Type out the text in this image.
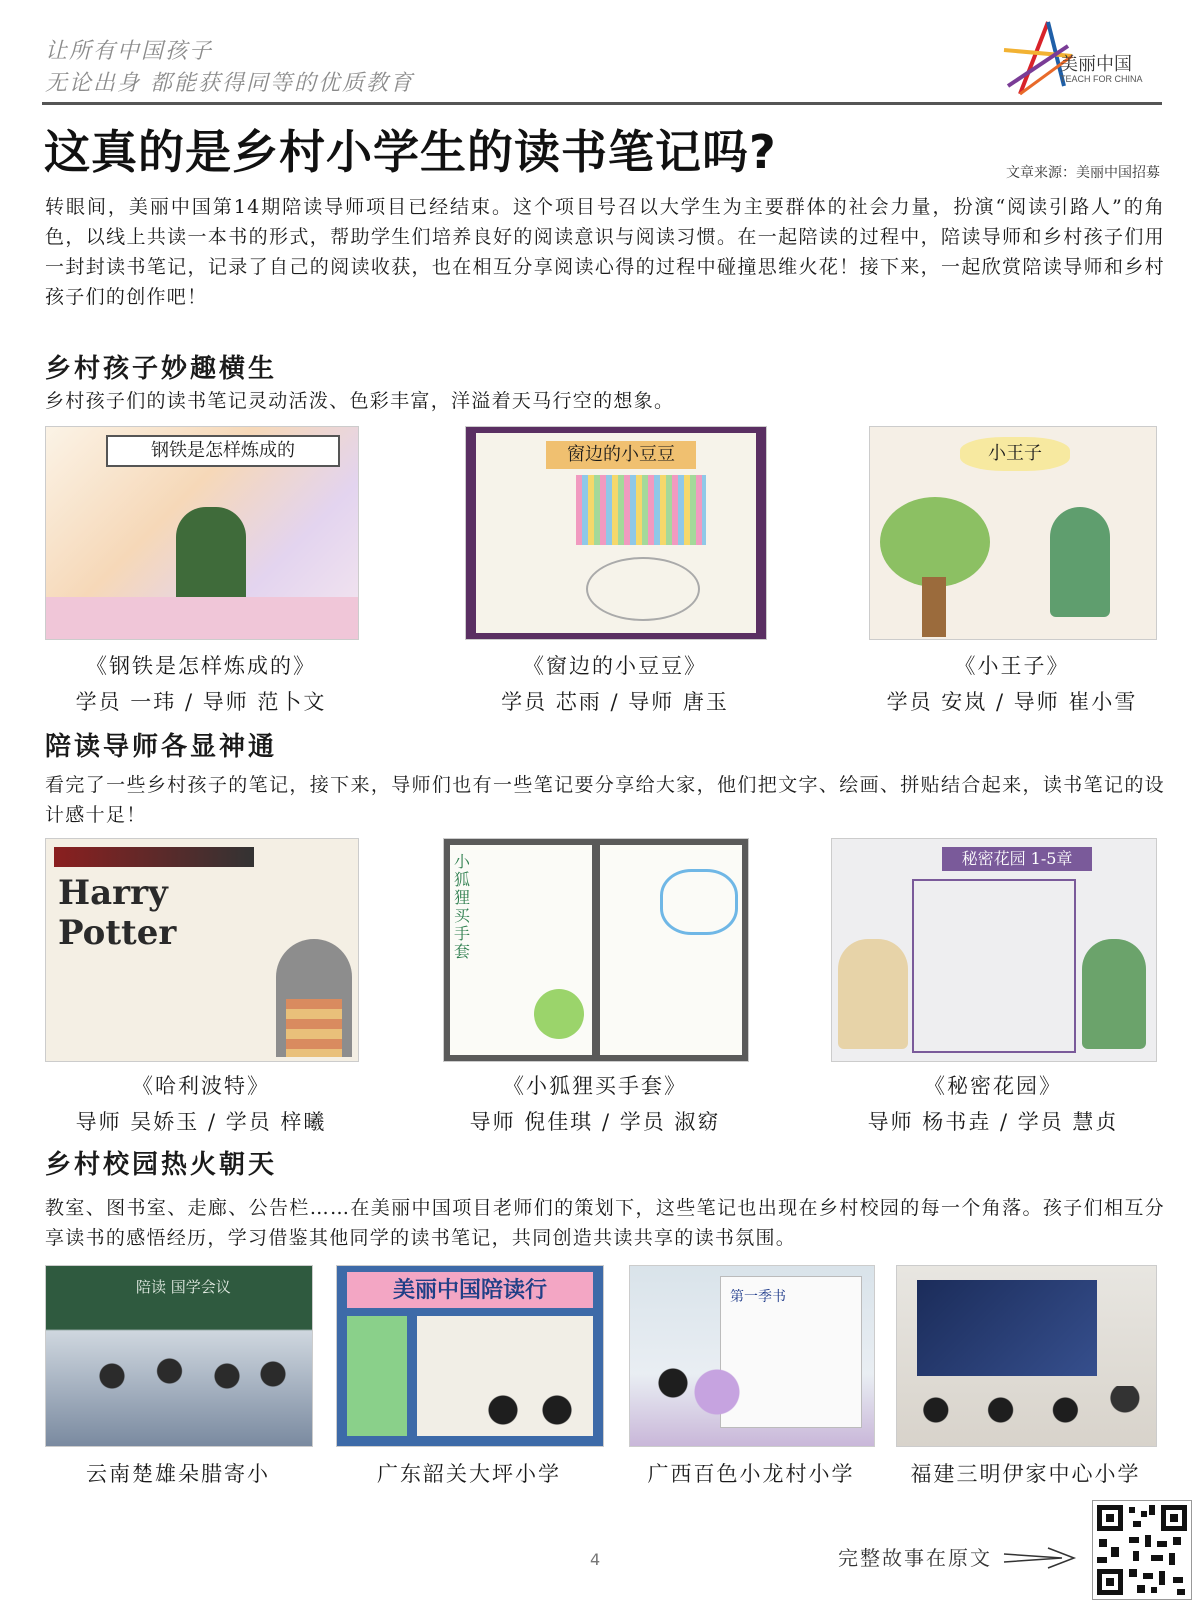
让所有中国孩子
无论出身 都能获得同等的优质教育
美丽中国
TEACH FOR CHINA
这真的是乡村小学生的读书笔记吗?	文章来源：美丽中国招募
转眼间，美丽中国第14期陪读导师项目已经结束。这个项目号召以大学生为主要群体的社会力量，扮演“阅读引路人”的角色，以线上共读一本书的形式，帮助学生们培养良好的阅读意识与阅读习惯。在一起陪读的过程中，陪读导师和乡村孩子们用一封封读书笔记，记录了自己的阅读收获，也在相互分享阅读心得的过程中碰撞思维火花！接下来，一起欣赏陪读导师和乡村孩子们的创作吧！
乡村孩子妙趣横生
乡村孩子们的读书笔记灵动活泼、色彩丰富，洋溢着天马行空的想象。
钢铁是怎样炼成的	窗边的小豆豆	小王子
《钢铁是怎样炼成的》
学员 一玮 / 导师 范卜文
《窗边的小豆豆》
学员 芯雨 / 导师 唐玉
《小王子》
学员 安岚 / 导师 崔小雪
陪读导师各显神通
看完了一些乡村孩子的笔记，接下来，导师们也有一些笔记要分享给大家，他们把文字、绘画、拼贴结合起来，读书笔记的设计感十足！
Harry Potter
小狐狸买手套
秘密花园 1-5章
《哈利波特》
导师 吴娇玉 / 学员 梓曦
《小狐狸买手套》
导师 倪佳琪 / 学员 淑窈
《秘密花园》
导师 杨书垚 / 学员 慧贞
乡村校园热火朝天
教室、图书室、走廊、公告栏……在美丽中国项目老师们的策划下，这些笔记也出现在乡村校园的每一个角落。孩子们相互分享读书的感悟经历，学习借鉴其他同学的读书笔记，共同创造共读共享的读书氛围。
陪读 国学会议	美丽中国陪读行	第一季书
云南楚雄朵腊寄小	广东韶关大坪小学	广西百色小龙村小学	福建三明伊家中心小学
4	完整故事在原文
